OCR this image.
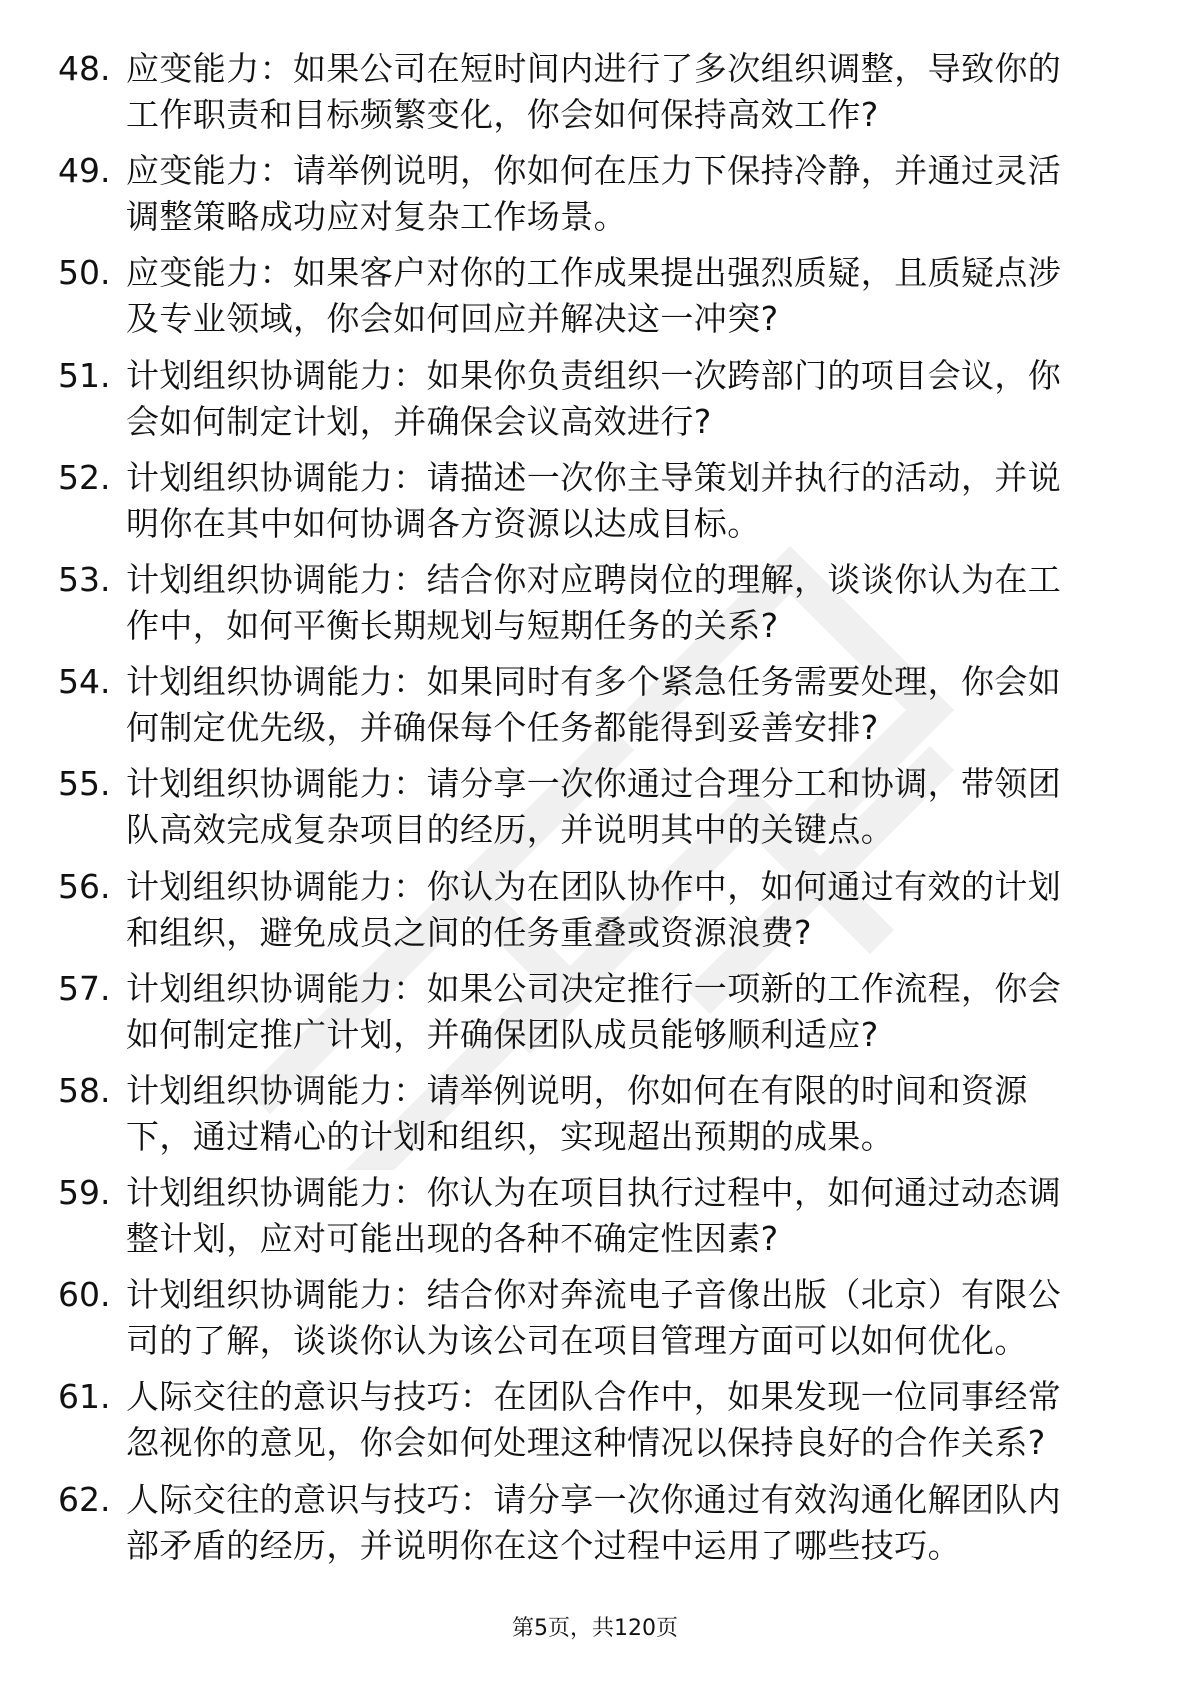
48. 应变能力：如果公司在短时间内进行了多次组织调整，导致你的
工作职责和目标频繁变化，你会如何保持高效工作?
49. 应变能力：请举例说明，你如何在压力下保持冷静，并通过灵活
调整策略成功应对复杂工作场景。
50. 应变能力：如果客户对你的工作成果提出强烈质疑，且质疑点涉
及专业领域，你会如何回应并解决这一冲突?
51. 计划组织协调能力：如果你负责组织一次跨部门的项目会议，你
会如何制定计划，并确保会议高效进行?
52. 计划组织协调能力：请描述一次你主导策划并执行的活动，并说
明你在其中如何协调各方资源以达成目标。
53. 计划组织协调能力：结合你对应聘岗位的理解，谈谈你认为在工
作中，如何平衡长期规划与短期任务的关系?
54. 计划组织协调能力：如果同时有多个紧急任务需要处理，你会如
何制定优先级，并确保每个任务都能得到妥善安排?
55. 计划组织协调能力：请分享一次你通过合理分工和协调，带领团
队高效完成复杂项目的经历，并说明其中的关键点。
56. 计划组织协调能力：你认为在团队协作中，如何通过有效的计划
和组织，避免成员之间的任务重叠或资源浪费?
57. 计划组织协调能力：如果公司决定推行一项新的工作流程，你会
如何制定推广计划，并确保团队成员能够顺利适应?
58. 计划组织协调能力：请举例说明，你如何在有限的时间和资源
下，通过精心的计划和组织，实现超出预期的成果。
59. 计划组织协调能力：你认为在项目执行过程中，如何通过动态调
整计划，应对可能出现的各种不确定性因素?
60. 计划组织协调能力：结合你对奔流电子音像出版（北京）有限公
司的了解，谈谈你认为该公司在项目管理方面可以如何优化。
61. 人际交往的意识与技巧：在团队合作中，如果发现一位同事经常
忽视你的意见，你会如何处理这种情况以保持良好的合作关系?
62. 人际交往的意识与技巧：请分享一次你通过有效沟通化解团队内
部矛盾的经历，并说明你在这个过程中运用了哪些技巧。
第5页，共120页
